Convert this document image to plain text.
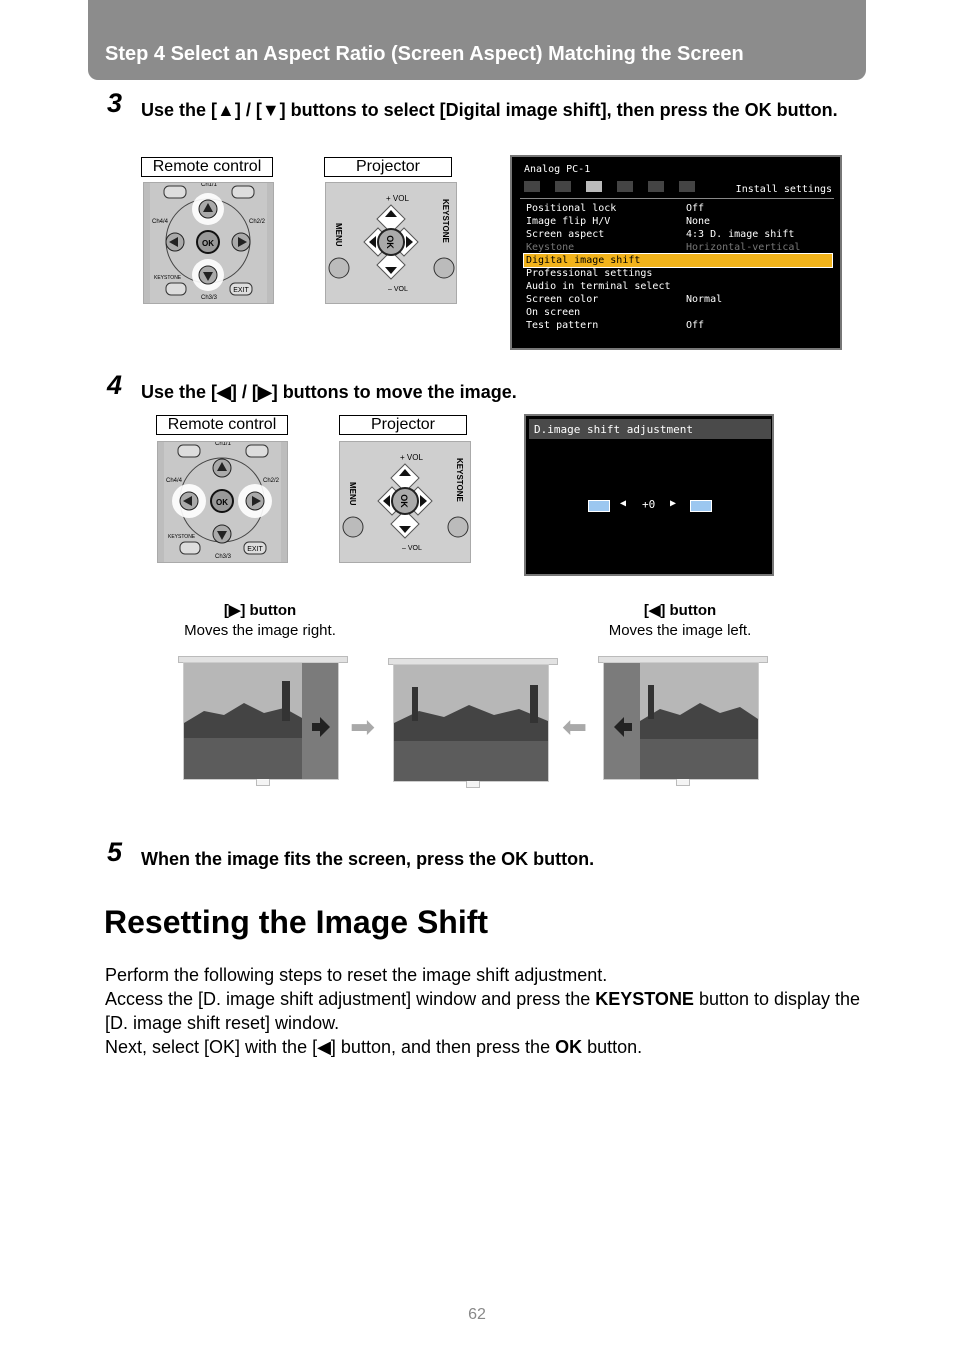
Step 4 Select an Aspect Ratio (Screen Aspect) Matching the Screen
3 Use the [▲] / [▼] buttons to select [Digital image shift], then press the OK button.
Remote control	Projector
OK
Ch4/4	Ch2/2
Ch1/1
KEYSTONE
Ch3/3
EXIT
OK
MENU	KEYSTONE
+ VOL
– VOL
Analog PC-1

Install settings
Positional lock	Off
Image flip H/V	None
Screen aspect	4:3 D. image shift
Keystone	Horizontal-vertical
Digital image shift
Professional settings
Audio in terminal select
Screen color	Normal
On screen
Test pattern	Off
4 Use the [◀] / [▶] buttons to move the image.
Remote control	Projector
OK
Ch4/4	Ch2/2
Ch1/1
KEYSTONE
Ch3/3
EXIT
OK
MENU	KEYSTONE
+ VOL
– VOL
D.image shift adjustment
◀ +0 ▶
[▶] button
Moves the image right.
[◀] button
Moves the image left.
➡	⬅
5 When the image fits the screen, press the OK button.
Resetting the Image Shift
Perform the following steps to reset the image shift adjustment.
Access the [D. image shift adjustment] window and press the KEYSTONE button to display the [D. image shift reset] window.
Next, select [OK] with the [◀] button, and then press the OK button.
62
